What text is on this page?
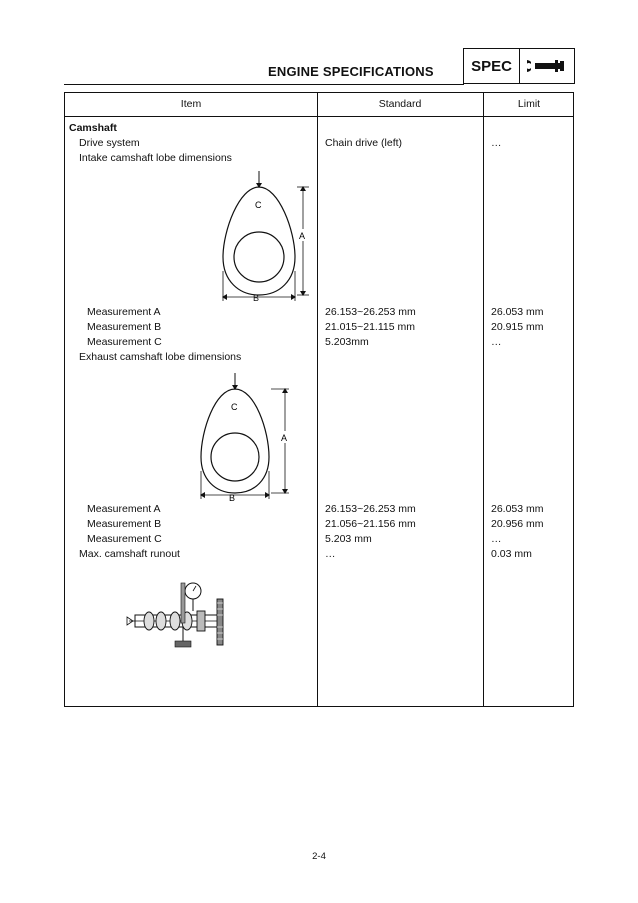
ENGINE SPECIFICATIONS SPEC
Item	Standard	Limit
Camshaft
Drive system	Chain drive (left)	…
Intake camshaft lobe dimensions
C
A
B
Measurement A	26.153~26.253 mm	26.053 mm
Measurement B	21.015~21.115 mm	20.915 mm
Measurement C	5.203mm	…
Exhaust camshaft lobe dimensions
C
A
B
Measurement A	26.153~26.253 mm	26.053 mm
Measurement B	21.056~21.156 mm	20.956 mm
Measurement C	5.203 mm	…
Max. camshaft runout	…	0.03 mm
2-4
